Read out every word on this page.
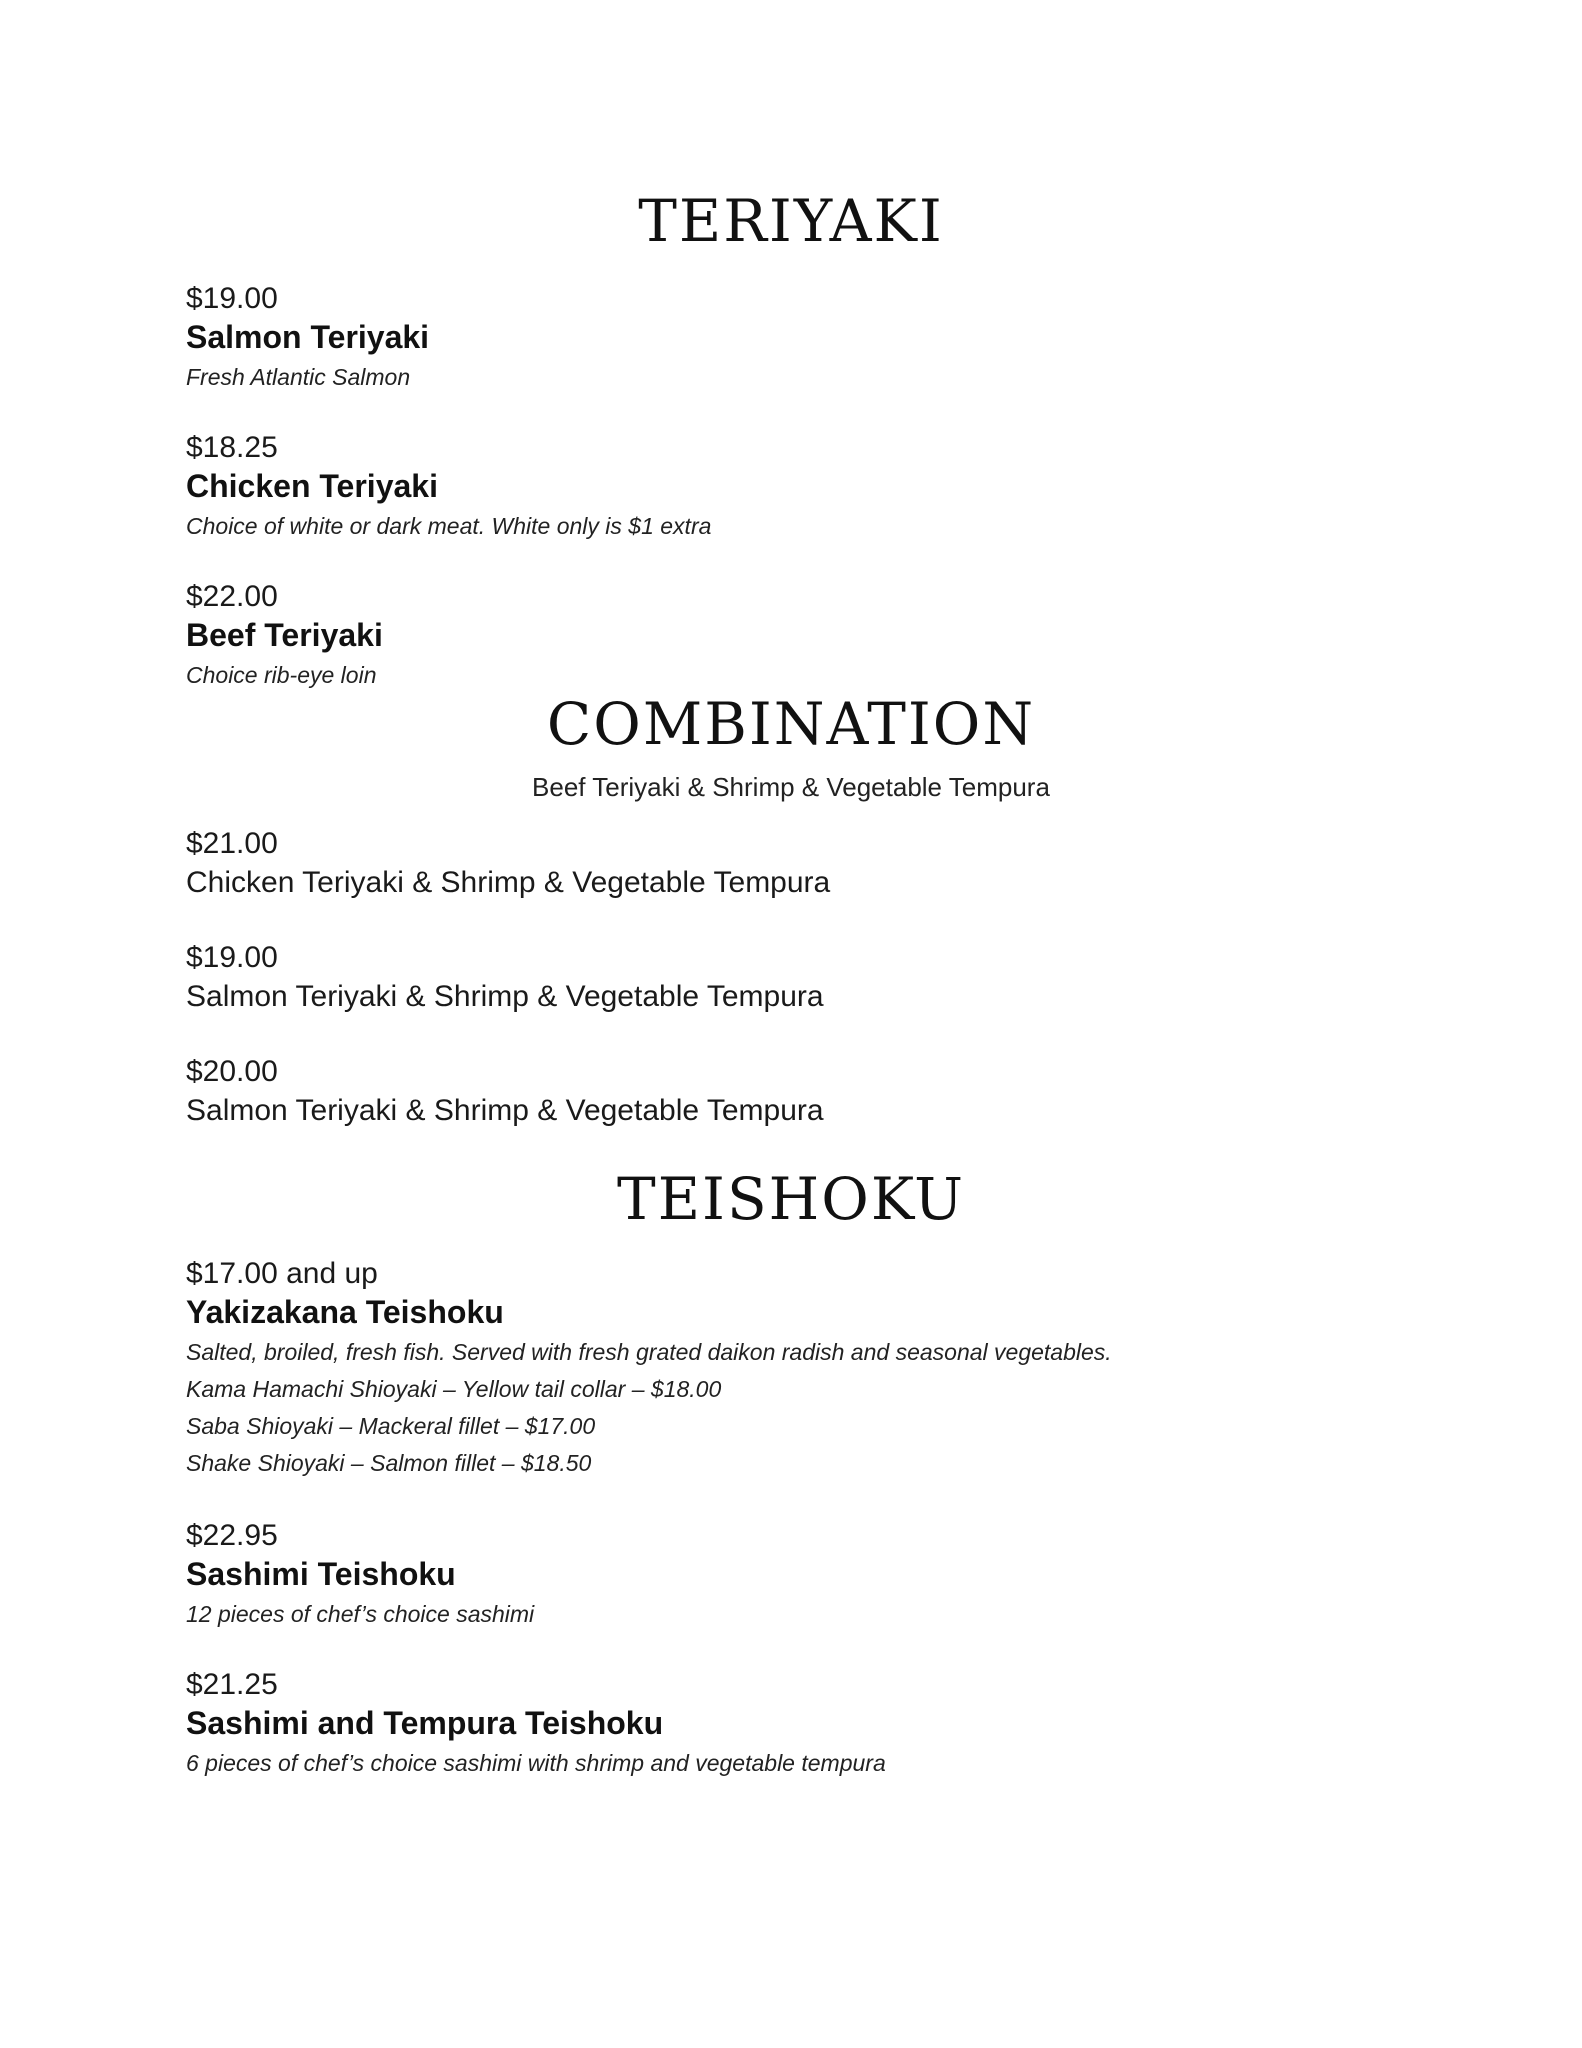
TERIYAKI
$19.00
Salmon Teriyaki
Fresh Atlantic Salmon
$18.25
Chicken Teriyaki
Choice of white or dark meat. White only is $1 extra
$22.00
Beef Teriyaki
Choice rib-eye loin
COMBINATION
Beef Teriyaki & Shrimp & Vegetable Tempura
$21.00
Chicken Teriyaki & Shrimp & Vegetable Tempura
$19.00
Salmon Teriyaki & Shrimp & Vegetable Tempura
$20.00
Salmon Teriyaki & Shrimp & Vegetable Tempura
TEISHOKU
$17.00 and up
Yakizakana Teishoku
Salted, broiled, fresh fish. Served with fresh grated daikon radish and seasonal vegetables.
Kama Hamachi Shioyaki – Yellow tail collar – $18.00
Saba Shioyaki – Mackeral fillet – $17.00
Shake Shioyaki – Salmon fillet – $18.50
$22.95
Sashimi Teishoku
12 pieces of chef’s choice sashimi
$21.25
Sashimi and Tempura Teishoku
6 pieces of chef’s choice sashimi with shrimp and vegetable tempura
